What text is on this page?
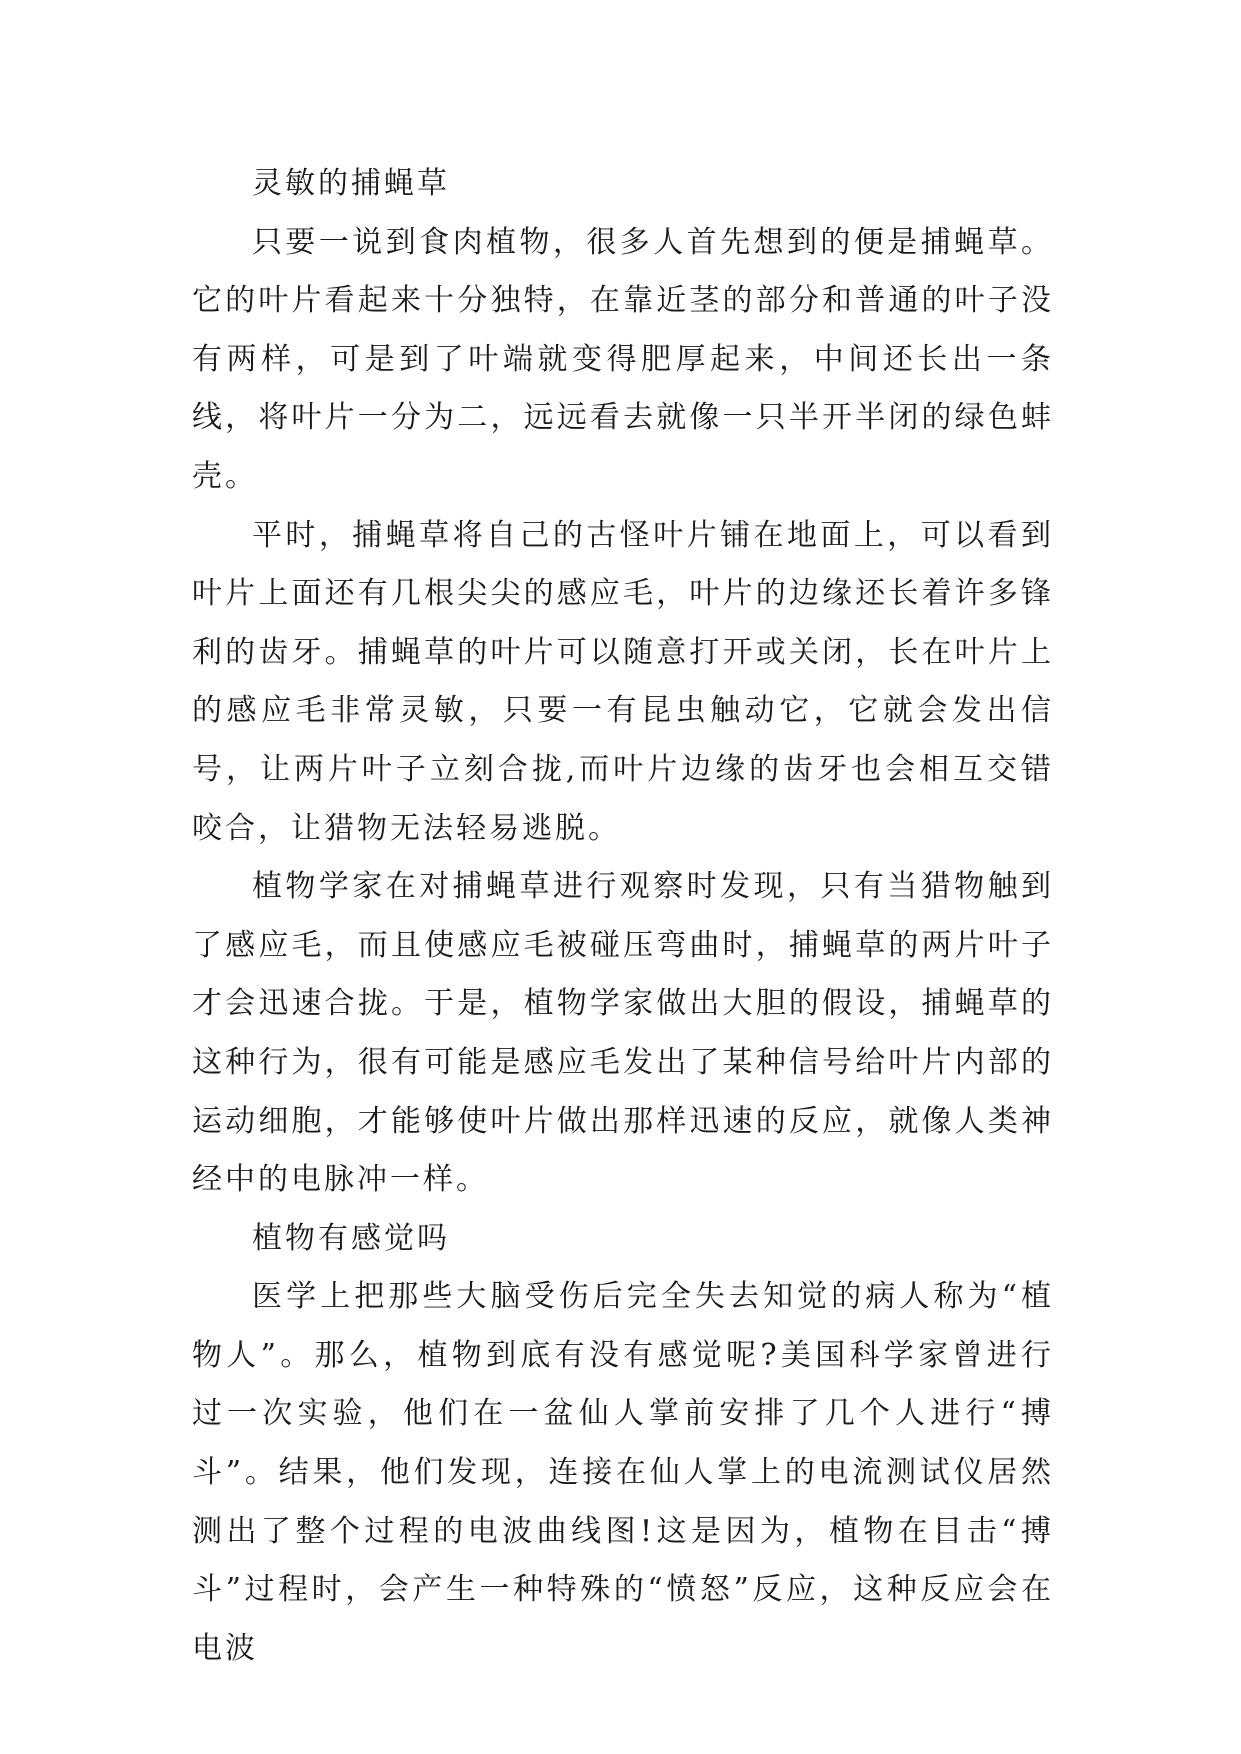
灵敏的捕蝇草

只要一说到食肉植物，很多人首先想到的便是捕蝇草。它的叶片看起来十分独特，在靠近茎的部分和普通的叶子没有两样，可是到了叶端就变得肥厚起来，中间还长出一条线，将叶片一分为二，远远看去就像一只半开半闭的绿色蚌壳。

平时，捕蝇草将自己的古怪叶片铺在地面上，可以看到叶片上面还有几根尖尖的感应毛，叶片的边缘还长着许多锋利的齿牙。捕蝇草的叶片可以随意打开或关闭，长在叶片上的感应毛非常灵敏，只要一有昆虫触动它，它就会发出信号，让两片叶子立刻合拢,而叶片边缘的齿牙也会相互交错咬合，让猎物无法轻易逃脱。

植物学家在对捕蝇草进行观察时发现，只有当猎物触到了感应毛，而且使感应毛被碰压弯曲时，捕蝇草的两片叶子才会迅速合拢。于是，植物学家做出大胆的假设，捕蝇草的这种行为，很有可能是感应毛发出了某种信号给叶片内部的运动细胞，才能够使叶片做出那样迅速的反应，就像人类神经中的电脉冲一样。

植物有感觉吗

医学上把那些大脑受伤后完全失去知觉的病人称为“植物人”。那么，植物到底有没有感觉呢?美国科学家曾进行过一次实验，他们在一盆仙人掌前安排了几个人进行“搏斗”。结果，他们发现，连接在仙人掌上的电流测试仪居然测出了整个过程的电波曲线图!这是因为，植物在目击“搏斗”过程时，会产生一种特殊的“愤怒”反应，这种反应会在电波
